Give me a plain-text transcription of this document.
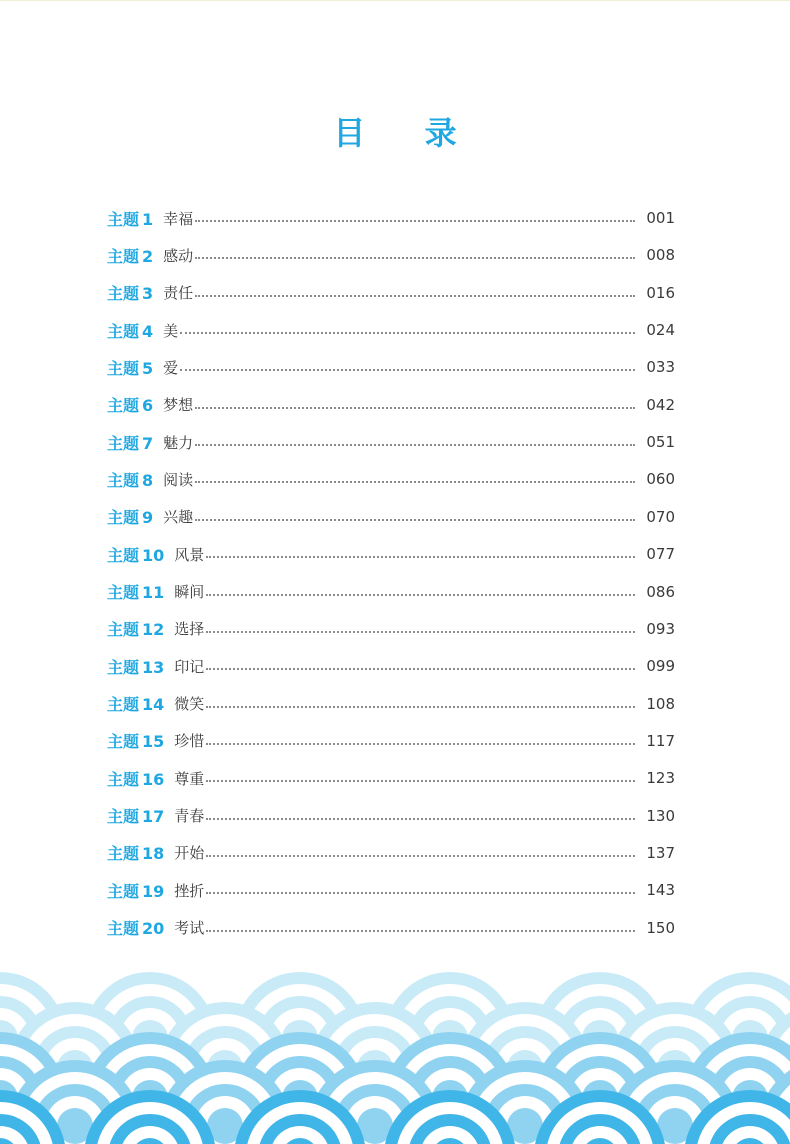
目 录
主题 1 幸福	001
主题 2 感动	008
主题 3 责任	016
主题 4 美	024
主题 5 爱	033
主题 6 梦想	042
主题 7 魅力	051
主题 8 阅读	060
主题 9 兴趣	070
主题 10 风景	077
主题 11 瞬间	086
主题 12 选择	093
主题 13 印记	099
主题 14 微笑	108
主题 15 珍惜	117
主题 16 尊重	123
主题 17 青春	130
主题 18 开始	137
主题 19 挫折	143
主题 20 考试	150
